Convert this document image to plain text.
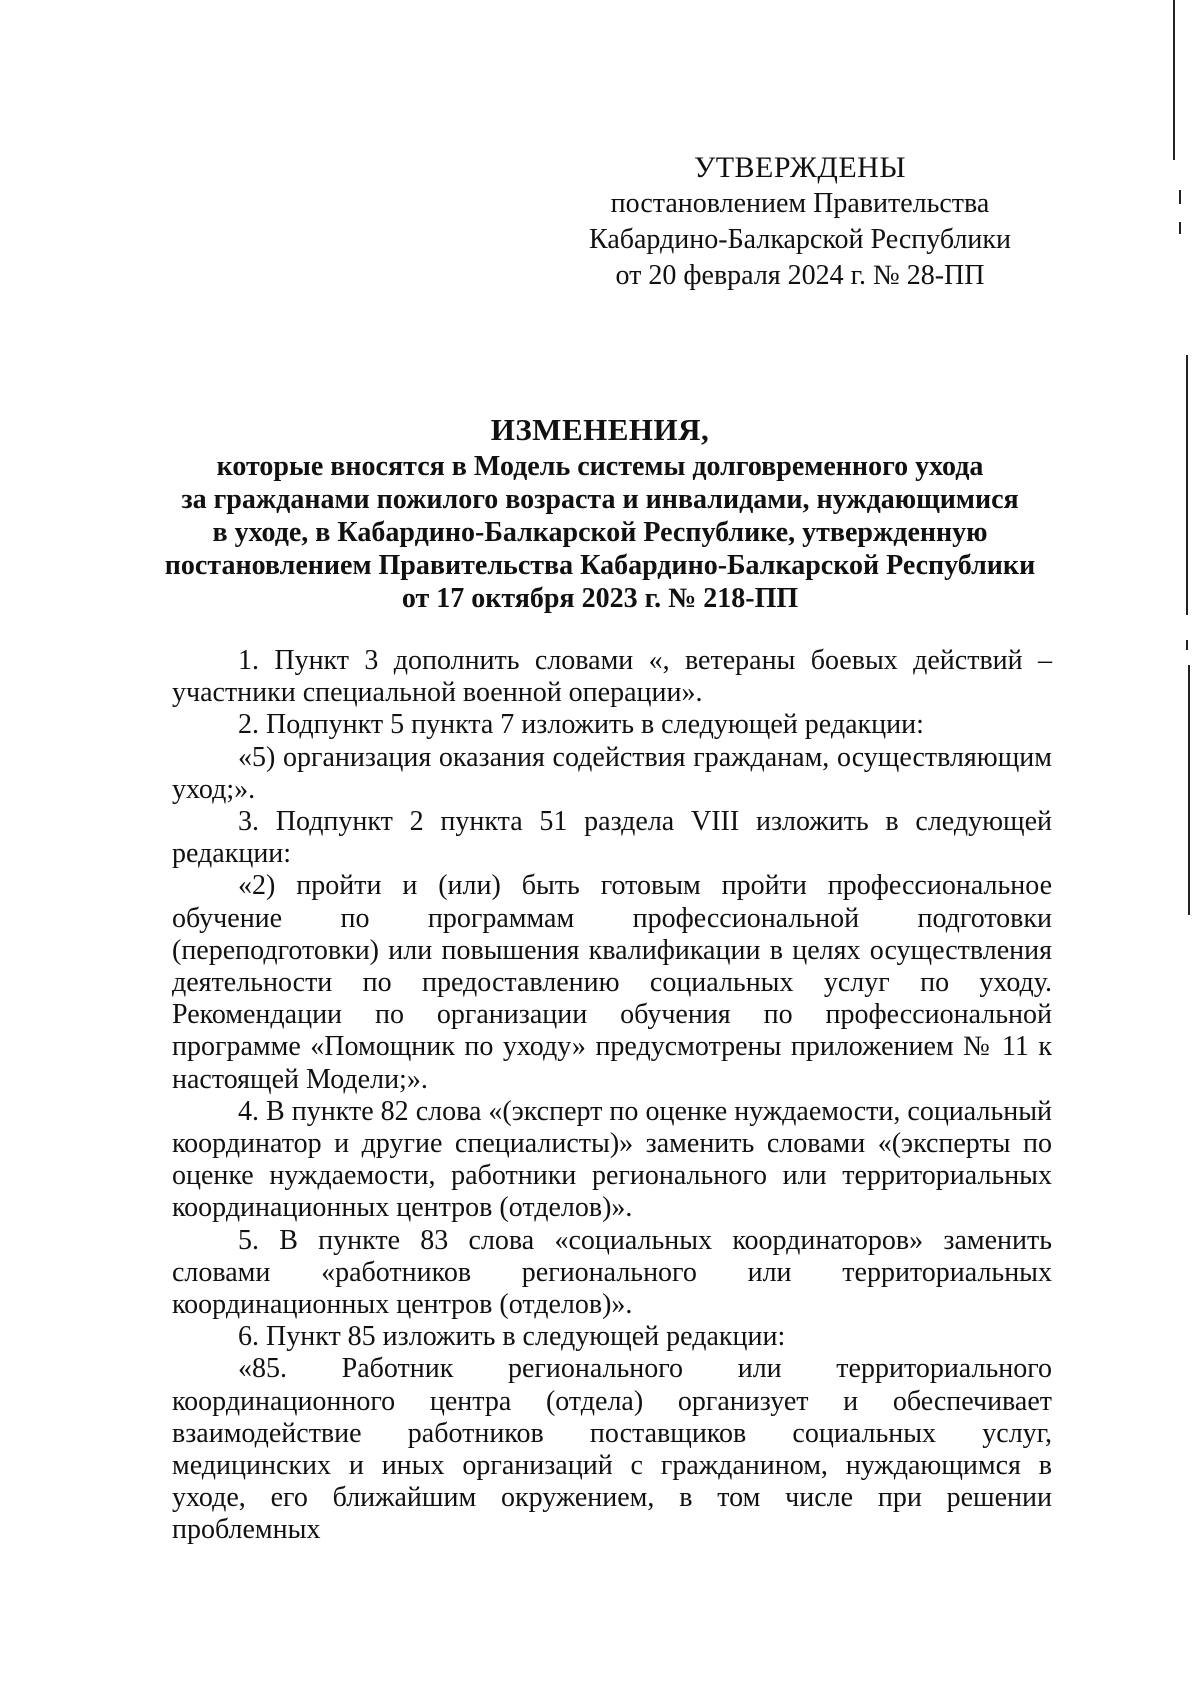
УТВЕРЖДЕНЫ
постановлением Правительства
Кабардино-Балкарской Республики
от 20 февраля 2024 г. № 28-ПП
ИЗМЕНЕНИЯ,
которые вносятся в Модель системы долговременного ухода
за гражданами пожилого возраста и инвалидами, нуждающимися
в уходе, в Кабардино-Балкарской Республике, утвержденную
постановлением Правительства Кабардино-Балкарской Республики
от 17 октября 2023 г. № 218-ПП

1. Пункт 3 дополнить словами «, ветераны боевых действий – участники специальной военной операции».

2. Подпункт 5 пункта 7 изложить в следующей редакции:

«5) организация оказания содействия гражданам, осуществляющим уход;».

3. Подпункт 2 пункта 51 раздела VIII изложить в следующей редакции:

«2) пройти и (или) быть готовым пройти профессиональное обучение по программам профессиональной подготовки (переподготовки) или повышения квалификации в целях осуществления деятельности по предоставлению социальных услуг по уходу. Рекомендации по организации обучения по профессиональной программе «Помощник по уходу» предусмотрены приложением № 11 к настоящей Модели;».

4. В пункте 82 слова «(эксперт по оценке нуждаемости, социальный координатор и другие специалисты)» заменить словами «(эксперты по оценке нуждаемости, работники регионального или территориальных координационных центров (отделов)».

5. В пункте 83 слова «социальных координаторов» заменить словами «работников регионального или территориальных координационных центров (отделов)».

6. Пункт 85 изложить в следующей редакции:

«85. Работник регионального или территориального координационного центра (отдела) организует и обеспечивает взаимодействие работников поставщиков социальных услуг, медицинских и иных организаций с гражданином, нуждающимся в уходе, его ближайшим окружением, в том числе при решении проблемных
